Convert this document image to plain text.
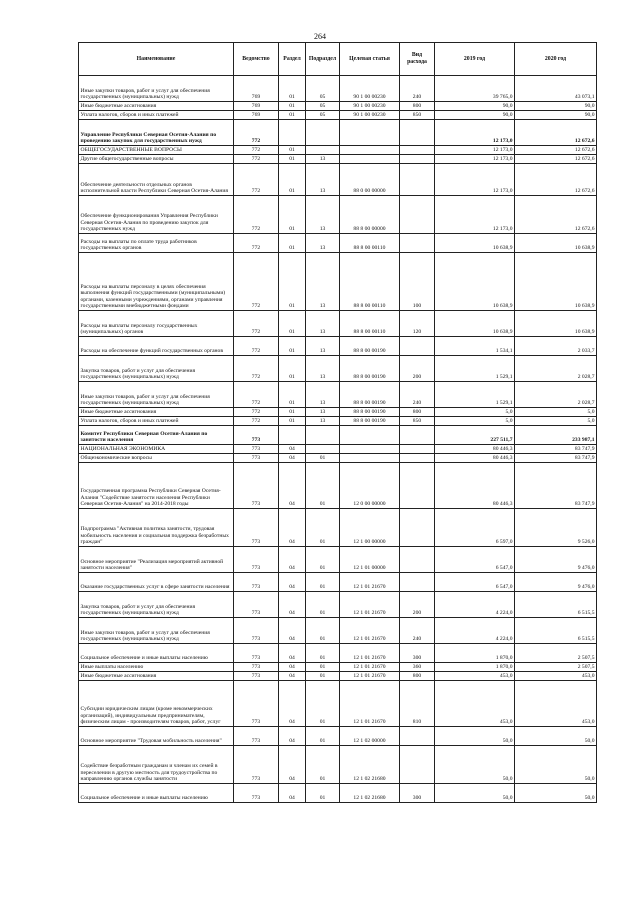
264
Наименование	Ведомство	Раздел	Подраздел	Целевая статья	Вид расхода	2019 год	2020 год
Иные закупки товаров, работ и услуг для обеспечения государственных (муниципальных) нужд	769	01	05	90 1 00 00230	240	39 765,0	43 073,1
Иные бюджетные ассигнования	769	01	05	90 1 00 00230	800	90,0	90,0
Уплата налогов, сборов и иных платежей	769	01	05	90 1 00 00230	850	90,0	90,0
Управление Республики Северная Осетия-Алания по проведению закупок для государственных нужд	772					12 173,0	12 672,6
ОБЩЕГОСУДАРСТВЕННЫЕ ВОПРОСЫ	772	01				12 173,0	12 672,6
Другие общегосударственные вопросы	772	01	13			12 173,0	12 672,6
Обеспечение деятельности отдельных органов исполнительной власти Республики Северная Осетия-Алания	772	01	13	88 0 00 00000		12 173,0	12 672,6
Обеспечение функционирования Управления Республики Северная Осетия-Алания по проведению закупок для государственных нужд	772	01	13	88 8 00 00000		12 173,0	12 672,6
Расходы на выплаты по оплате труда работников государственных органов	772	01	13	88 8 00 00110		10 638,9	10 638,9
Расходы на выплаты персоналу в целях обеспечения выполнения функций государственными (муниципальными) органами, казенными учреждениями, органами управления государственными внебюджетными фондами	772	01	13	88 8 00 00110	100	10 638,9	10 638,9
Расходы на выплаты персоналу государственных (муниципальных) органов	772	01	13	88 8 00 00110	120	10 638,9	10 638,9
Расходы на обеспечение функций государственных органов	772	01	13	88 8 00 00190		1 534,1	2 033,7
Закупка товаров, работ и услуг для обеспечения государственных (муниципальных) нужд	772	01	13	88 8 00 00190	200	1 529,1	2 028,7
Иные закупки товаров, работ и услуг для обеспечения государственных (муниципальных) нужд	772	01	13	88 8 00 00190	240	1 529,1	2 028,7
Иные бюджетные ассигнования	772	01	13	88 8 00 00190	800	5,0	5,0
Уплата налогов, сборов и иных платежей	772	01	13	88 8 00 00190	850	5,0	5,0
Комитет Республики Северная Осетия-Алания по занятости населения	773					227 511,7	233 987,1
НАЦИОНАЛЬНАЯ ЭКОНОМИКА	773	04				80 446,3	83 747,9
Общеэкономические вопросы	773	04	01			80 446,3	83 747,9
Государственная программа Республики Северная Осетия-Алания "Содействие занятости населения Республики Северная Осетия-Алания" на 2014-2018 годы	773	04	01	12 0 00 00000		80 446,3	83 747,9
Подпрограмма "Активная политика занятости, трудовая мобильность населения и социальная поддержка безработных граждан"	773	04	01	12 1 00 00000		6 597,0	9 526,0
Основное мероприятие "Реализация мероприятий активной занятости населения"	773	04	01	12 1 01 00000		6 547,0	9 476,0
Оказание государственных услуг в сфере занятости населения	773	04	01	12 1 01 21670		6 547,0	9 476,0
Закупка товаров, работ и услуг для обеспечения государственных (муниципальных) нужд	773	04	01	12 1 01 21670	200	4 224,0	6 515,5
Иные закупки товаров, работ и услуг для обеспечения государственных (муниципальных) нужд	773	04	01	12 1 01 21670	240	4 224,0	6 515,5
Социальное обеспечение и иные выплаты населению	773	04	01	12 1 01 21670	300	1 870,0	2 507,5
Иные выплаты населению	773	04	01	12 1 01 21670	360	1 870,0	2 507,5
Иные бюджетные ассигнования	773	04	01	12 1 01 21670	800	453,0	453,0
Субсидии юридическим лицам (кроме некоммерческих организаций), индивидуальным предпринимателям, физическим лицам - производителям товаров, работ, услуг	773	04	01	12 1 01 21670	810	453,0	453,0
Основное мероприятие "Трудовая мобильность населения"	773	04	01	12 1 02 00000		50,0	50,0
Содействие безработным гражданам и членам их семей в переселении в другую местность для трудоустройства по направлению органов службы занятости	773	04	01	12 1 02 21680		50,0	50,0
Социальное обеспечение и иные выплаты населению	773	04	01	12 1 02 21680	300	50,0	50,0
